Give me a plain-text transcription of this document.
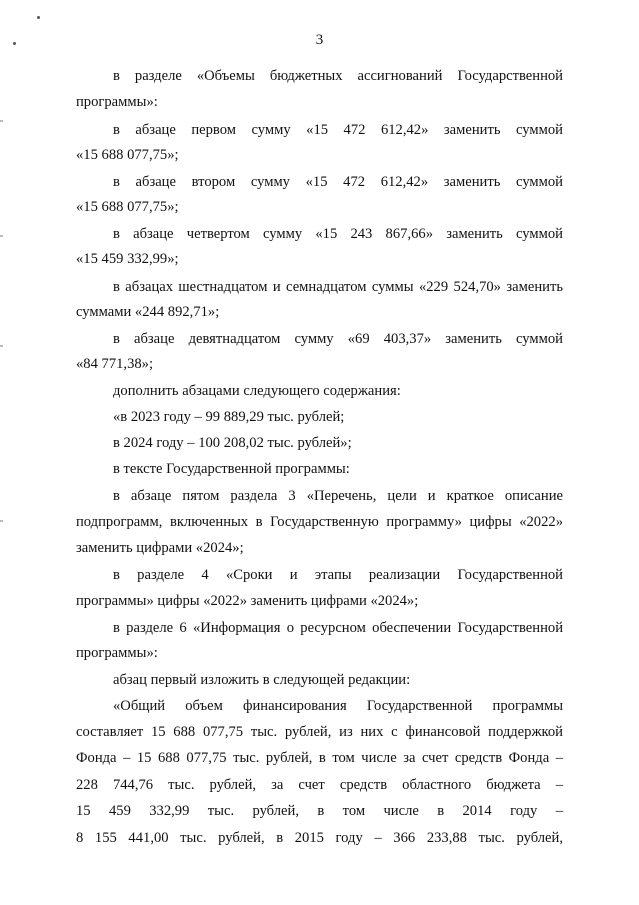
3
в разделе «Объемы бюджетных ассигнований Государственной
программы»:
в абзаце первом сумму «15 472 612,42» заменить суммой
«15 688 077,75»;
в абзаце втором сумму «15 472 612,42» заменить суммой
«15 688 077,75»;
в абзаце четвертом сумму «15 243 867,66» заменить суммой
«15 459 332,99»;
в абзацах шестнадцатом и семнадцатом суммы «229 524,70» заменить
суммами «244 892,71»;
в абзаце девятнадцатом сумму «69 403,37» заменить суммой
«84 771,38»;
дополнить абзацами следующего содержания:
«в 2023 году – 99 889,29 тыс. рублей;
в 2024 году – 100 208,02 тыс. рублей»;
в тексте Государственной программы:
в абзаце пятом раздела 3 «Перечень, цели и краткое описание
подпрограмм, включенных в Государственную программу» цифры «2022»
заменить цифрами «2024»;
в разделе 4 «Сроки и этапы реализации Государственной
программы» цифры «2022» заменить цифрами «2024»;
в разделе 6 «Информация о ресурсном обеспечении Государственной
программы»:
абзац первый изложить в следующей редакции:
«Общий объем финансирования Государственной программы
составляет 15 688 077,75 тыс. рублей, из них с финансовой поддержкой
Фонда – 15 688 077,75 тыс. рублей, в том числе за счет средств Фонда –
228 744,76 тыс. рублей, за счет средств областного бюджета –
15 459 332,99 тыс. рублей, в том числе в 2014 году –
8 155 441,00 тыс. рублей, в 2015 году – 366 233,88 тыс. рублей,
